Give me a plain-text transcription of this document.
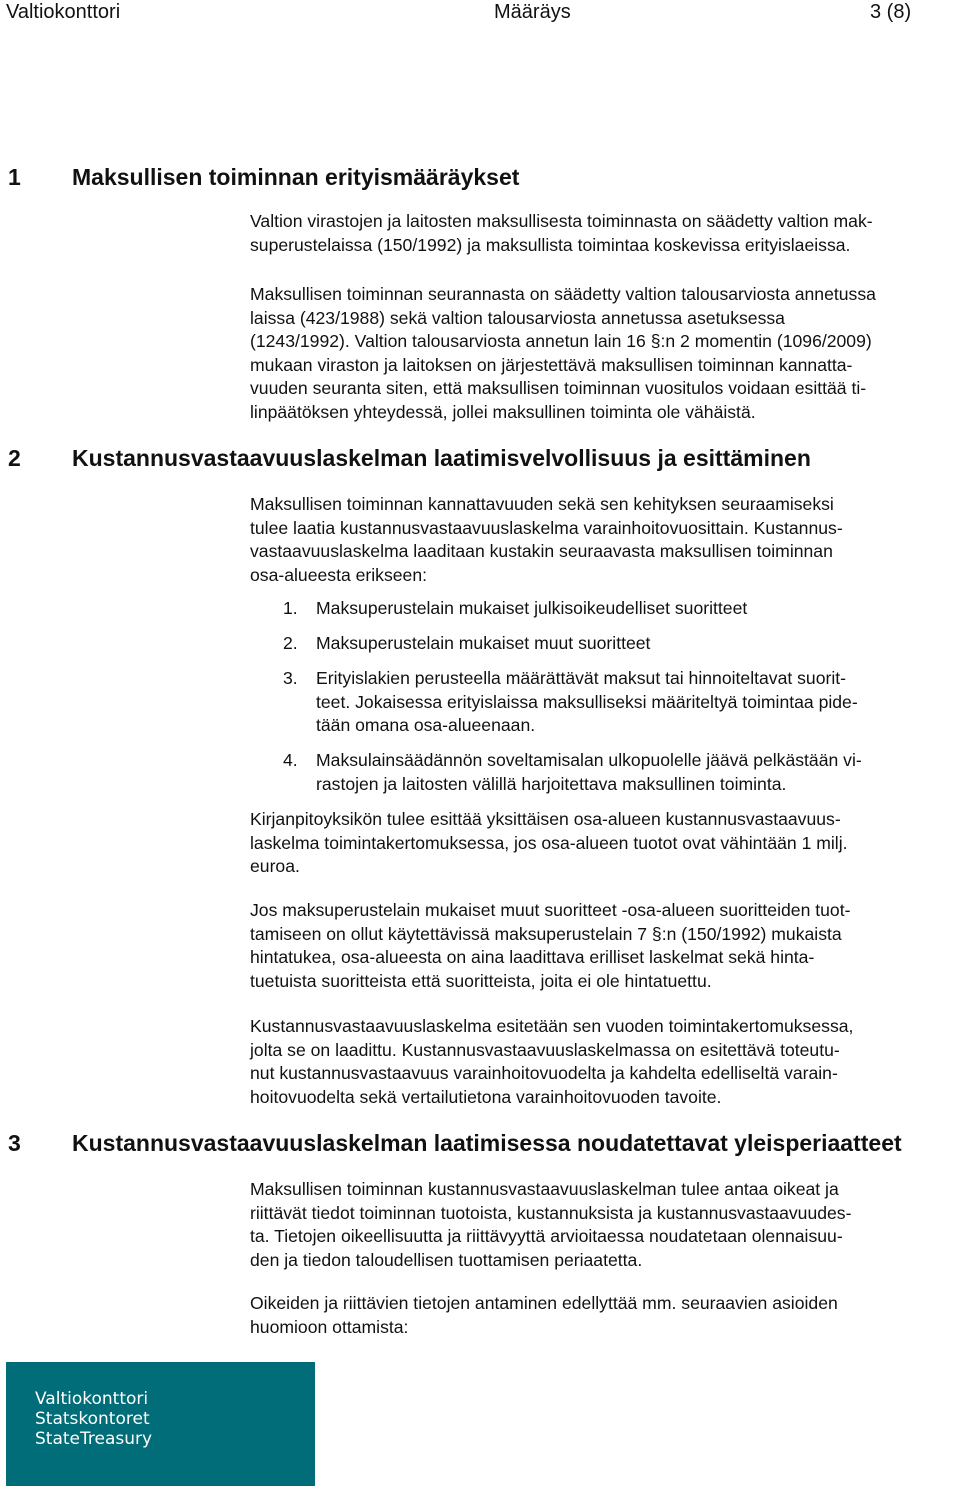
Valtiokonttori	Määräys	3 (8)
1 Maksullisen toiminnan erityismääräykset
Valtion virastojen ja laitosten maksullisesta toiminnasta on säädetty valtion mak-
superustelaissa (150/1992) ja maksullista toimintaa koskevissa erityislaeissa.
Maksullisen toiminnan seurannasta on säädetty valtion talousarviosta annetussa
laissa (423/1988) sekä valtion talousarviosta annetussa asetuksessa
(1243/1992). Valtion talousarviosta annetun lain 16 §:n 2 momentin (1096/2009)
mukaan viraston ja laitoksen on järjestettävä maksullisen toiminnan kannatta-
vuuden seuranta siten, että maksullisen toiminnan vuositulos voidaan esittää ti-
linpäätöksen yhteydessä, jollei maksullinen toiminta ole vähäistä.
2 Kustannusvastaavuuslaskelman laatimisvelvollisuus ja esittäminen
Maksullisen toiminnan kannattavuuden sekä sen kehityksen seuraamiseksi
tulee laatia kustannusvastaavuuslaskelma varainhoitovuosittain. Kustannus-
vastaavuuslaskelma laaditaan kustakin seuraavasta maksullisen toiminnan
osa-alueesta erikseen:
1.	Maksuperustelain mukaiset julkisoikeudelliset suoritteet
2.	Maksuperustelain mukaiset muut suoritteet
3.	Erityislakien perusteella määrättävät maksut tai hinnoiteltavat suorit-
teet. Jokaisessa erityislaissa maksulliseksi määriteltyä toimintaa pide-
tään omana osa-alueenaan.
4.	Maksulainsäädännön soveltamisalan ulkopuolelle jäävä pelkästään vi-
rastojen ja laitosten välillä harjoitettava maksullinen toiminta.
Kirjanpitoyksikön tulee esittää yksittäisen osa-alueen kustannusvastaavuus-
laskelma toimintakertomuksessa, jos osa-alueen tuotot ovat vähintään 1 milj.
euroa.
Jos maksuperustelain mukaiset muut suoritteet -osa-alueen suoritteiden tuot-
tamiseen on ollut käytettävissä maksuperustelain 7 §:n (150/1992) mukaista
hintatukea, osa-alueesta on aina laadittava erilliset laskelmat sekä hinta-
tuetuista suoritteista että suoritteista, joita ei ole hintatuettu.
Kustannusvastaavuuslaskelma esitetään sen vuoden toimintakertomuksessa,
jolta se on laadittu. Kustannusvastaavuuslaskelmassa on esitettävä toteutu-
nut kustannusvastaavuus varainhoitovuodelta ja kahdelta edelliseltä varain-
hoitovuodelta sekä vertailutietona varainhoitovuoden tavoite.
3 Kustannusvastaavuuslaskelman laatimisessa noudatettavat yleisperiaatteet
Maksullisen toiminnan kustannusvastaavuuslaskelman tulee antaa oikeat ja
riittävät tiedot toiminnan tuotoista, kustannuksista ja kustannusvastaavuudes-
ta. Tietojen oikeellisuutta ja riittävyyttä arvioitaessa noudatetaan olennaisuu-
den ja tiedon taloudellisen tuottamisen periaatetta.
Oikeiden ja riittävien tietojen antaminen edellyttää mm. seuraavien asioiden
huomioon ottamista:
Valtiokonttori
Statskontoret
StateTreasury
